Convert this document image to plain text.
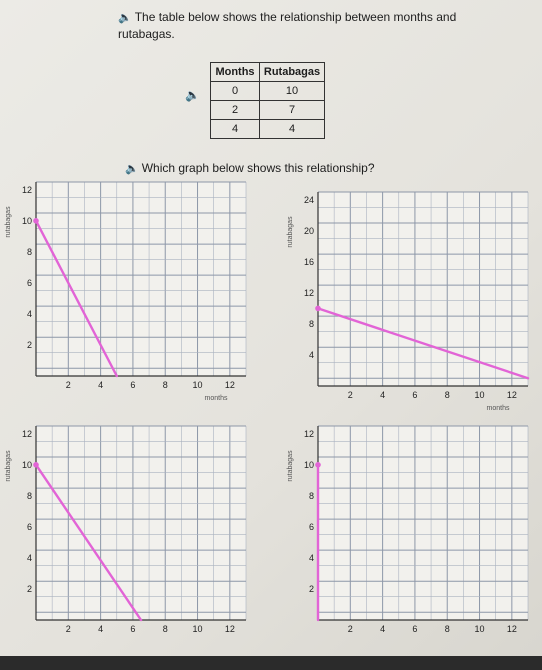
🔈 The table below shows the relationship between months and
rutabagas.
🔈
Months	Rutabagas
0	10
2	7
4	4
🔈 Which graph below shows this relationship?
2
4
6
8
10
12
2	4	6	8	10 12
rutabagas
months
4
8
12
16
20
24
2	4	6	8	10 12
rutabagas
months
2
4
6
8
10
12
2	4	6	8	10 12
rutabagas
2
4
6
8
10
12
2	4	6	8	10 12
rutabagas
